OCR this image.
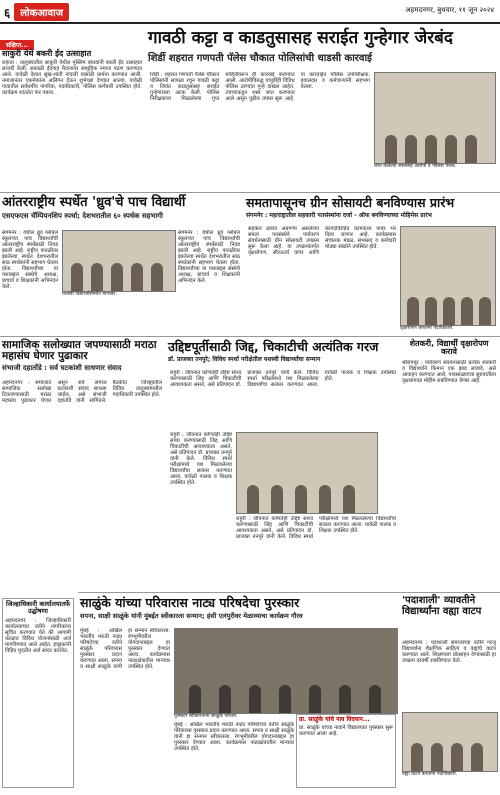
६	लोकआवाज	अहमदनगर, बुधवार, ११ जून २०२४
संक्षिप्त...
साकुरी येथे बकरी ईद उत्साहात
राहाता : तालुक्यातील साकुरी येथील मुस्लिम बांधवांनी बकरी ईद उत्साहात साजरी केली. सकाळी ईदगाह मैदानावर सामूहिक नमाज पठण करण्यात आले. यावेळी देशात सुख-शांती नांदावी यासाठी प्रार्थना करण्यात आली. नमाजानंतर एकमेकांना अलिंगन देऊन शुभेच्छा देण्यात आल्या. यावेळी गावातील सर्वधर्मीय नागरिक, पदाधिकारी, पोलिस कर्मचारी उपस्थित होते. कार्यक्रम शांततेत पार पडला.
गावठी कट्टा व काडतुसासह सराईत गुन्हेगार जेरबंद
शिर्डी शहरात गणपती पॅलेस चौकात पोलिसांची धाडसी कारवाई
शिर्डी : शहरात गणपती पॅलेस चौकात पोलिसांनी सापळा रचून गावठी कट्टा व जिवंत काडतुसासह सराईत गुन्हेगाराला अटक केली. पोलिस निरीक्षकांना मिळालेल्या गुप्त माहितीवरून ही कारवाई करण्यात आली. आरोपीविरुद्ध यापूर्वीही विविध पोलिस ठाण्यांत गुन्हे दाखल आहेत. त्याच्याकडून शस्त्र जप्त करण्यात आले असून पुढील तपास सुरू आहे. या कारवाईत पोलिस उपनिरीक्षक, हवालदार व कर्मचाऱ्यांनी सहभाग घेतला.
जप्त केलेल्या शस्त्रासह आरोपी व पोलिस पथक.
आंतरराष्ट्रीय स्पर्धेत 'ध्रुव'चे पाच विद्यार्थी
एसएफएस चॅम्पियनशिप स्पर्धा; देशभरातील ६० स्पर्धक सहभागी
संगमनेर : येथील ध्रुव ग्लोबल स्कूलच्या पाच विद्यार्थ्यांची आंतरराष्ट्रीय स्पर्धेसाठी निवड झाली आहे. राष्ट्रीय पातळीवर झालेल्या स्पर्धेत देशभरातील साठ स्पर्धकांनी सहभाग घेतला होता. विद्यार्थ्यांच्या या यशाबद्दल संस्थेचे अध्यक्ष, प्राचार्य व शिक्षकांनी अभिनंदन केले.
यशस्वी विद्यार्थ्यांसमवेत मान्यवर.
संगमनेर : येथील ध्रुव ग्लोबल स्कूलच्या पाच विद्यार्थ्यांची आंतरराष्ट्रीय स्पर्धेसाठी निवड झाली आहे. राष्ट्रीय पातळीवर झालेल्या स्पर्धेत देशभरातील साठ स्पर्धकांनी सहभाग घेतला होता. विद्यार्थ्यांच्या या यशाबद्दल संस्थेचे अध्यक्ष, प्राचार्य व शिक्षकांनी अभिनंदन केले.
समतापासूनच ग्रीन सोसायटी बनविण्यास प्रारंभ
संगमनेर : महाराष्ट्रातील सहकारी पतसंस्थांना दर्जा - ऑफ बनविण्याच्या मोहिमेस प्रारंभ
सहकार क्षेत्रात अग्रगण्य असलेल्या समता पतसंस्थेने पर्यावरण संवर्धनासाठी ग्रीन सोसायटी उपक्रम सुरू केला आहे. या उपक्रमांतर्गत वृक्षारोपण, सौरऊर्जा वापर आणि कागदविरहित कामकाज यावर भर दिला जाणार आहे. कार्यक्रमास संचालक मंडळ, सभासद व कर्मचारी मोठ्या संख्येने उपस्थित होते.
वृक्षारोपण करताना पदाधिकारी.
सामाजिक सलोख्यात जपण्यासाठी मराठा महासंघ घेणार पुढाकार
संभाजी दहातोंडे : सर्व घटकांशी साधणार संवाद
अहमदनगर : समाजात सामाजिक सलोखा टिकवण्यासाठी मराठा महासंघ पुढाकार घेणार असून सर्व समाज घटकांशी संवाद साधला जाईल, असे संभाजी दहातोंडे यांनी सांगितले. बैठकीत जिल्ह्यातील विविध तालुक्यांमधील पदाधिकारी उपस्थित होते.
उद्दिष्टपूर्तीसाठी जिद्द, चिकाटीची अत्यंतिक गरज
डॉ. प्राजक्त तनपुरे; विविध स्पर्धा परीक्षेतील यशस्वी विद्यार्थ्यांचा सन्मान
राहुरी : जीवनात कोणतेही उद्दिष्ट साध्य करण्यासाठी जिद्द आणि चिकाटीची आवश्यकता असते, असे प्रतिपादन डॉ. प्राजक्त तनपुरे यांनी केले. विविध स्पर्धा परीक्षांमध्ये यश मिळवलेल्या विद्यार्थ्यांचा सत्कार करण्यात आला. यावेळी पालक व शिक्षक उपस्थित होते.
राहुरी : जीवनात कोणतेही उद्दिष्ट साध्य करण्यासाठी जिद्द आणि चिकाटीची आवश्यकता असते, असे प्रतिपादन डॉ. प्राजक्त तनपुरे यांनी केले. विविध स्पर्धा परीक्षांमध्ये यश मिळवलेल्या विद्यार्थ्यांचा सत्कार करण्यात आला. यावेळी पालक व शिक्षक उपस्थित होते.
राहुरी : जीवनात कोणतेही उद्दिष्ट साध्य करण्यासाठी जिद्द आणि चिकाटीची आवश्यकता असते, असे प्रतिपादन डॉ. प्राजक्त तनपुरे यांनी केले. विविध स्पर्धा परीक्षांमध्ये यश मिळवलेल्या विद्यार्थ्यांचा सत्कार करण्यात आला. यावेळी पालक व शिक्षक उपस्थित होते.
शेतकरी, विद्यार्थी वृक्षारोपण करावे
श्रीरामपूर : पर्यावरण संवर्धनासाठी प्रत्येक शेतकरी व विद्यार्थ्याने किमान एक झाड लावावे, असे आवाहन करण्यात आले. पावसाळ्याच्या सुरुवातीला वृक्षलागवड मोहीम राबविण्यात येणार आहे.
जिल्हाधिकारी कार्यालयातर्फे उद्घोषणा
अहमदनगर : जिल्हाधिकारी कार्यालयाच्या वतीने नागरिकांना सूचित करण्यात येते की आगामी काळात विविध योजनांसाठी अर्ज मागविण्यात आले आहेत. इच्छुकांनी विहित मुदतीत अर्ज सादर करावेत.
साळुंके यांच्या परिवारास नाट्य परिषदेचा पुरस्कार
सपना, साक्षी साळुंके यांनी मुंबईत स्वीकारला सन्मान; हंसी एलंपुरीवर मेळाव्याचा कार्यक्रम गौरव
मुंबई : अखिल भारतीय मराठी नाट्य परिषदेच्या वतीने साळुंके परिवारास पुरस्कार प्रदान करण्यात आला. सपना व साक्षी साळुंके यांनी हा सन्मान स्वीकारला. रंगभूमीवरील योगदानाबद्दल हा पुरस्कार देण्यात आला. कार्यक्रमास नाट्यक्षेत्रातील मान्यवर उपस्थित होते.
पुरस्कार स्वीकारताना साळुंके परिवार.	प्रा. साळुंके यांचे नाव विदयान...
प्रा. साळुंके यांच्या नावाने विद्यालयात पुरस्कार सुरू करण्यात आला आहे.
मुंबई : अखिल भारतीय मराठी नाट्य परिषदेच्या वतीने साळुंके परिवारास पुरस्कार प्रदान करण्यात आला. सपना व साक्षी साळुंके यांनी हा सन्मान स्वीकारला. रंगभूमीवरील योगदानाबद्दल हा पुरस्कार देण्यात आला. कार्यक्रमास नाट्यक्षेत्रातील मान्यवर उपस्थित होते.
'पदाशाली' व्यावतीने विद्यार्थ्यांना वह्या वाटप
अहमदनगर : पदाशाली समाजाच्या वतीने गरजू विद्यार्थ्यांना शैक्षणिक साहित्य व वह्यांचे वाटप करण्यात आले. शिक्षणाला प्रोत्साहन देण्यासाठी हा उपक्रम दरवर्षी राबविण्यात येतो.
वह्या वाटप करताना पदाधिकारी.
